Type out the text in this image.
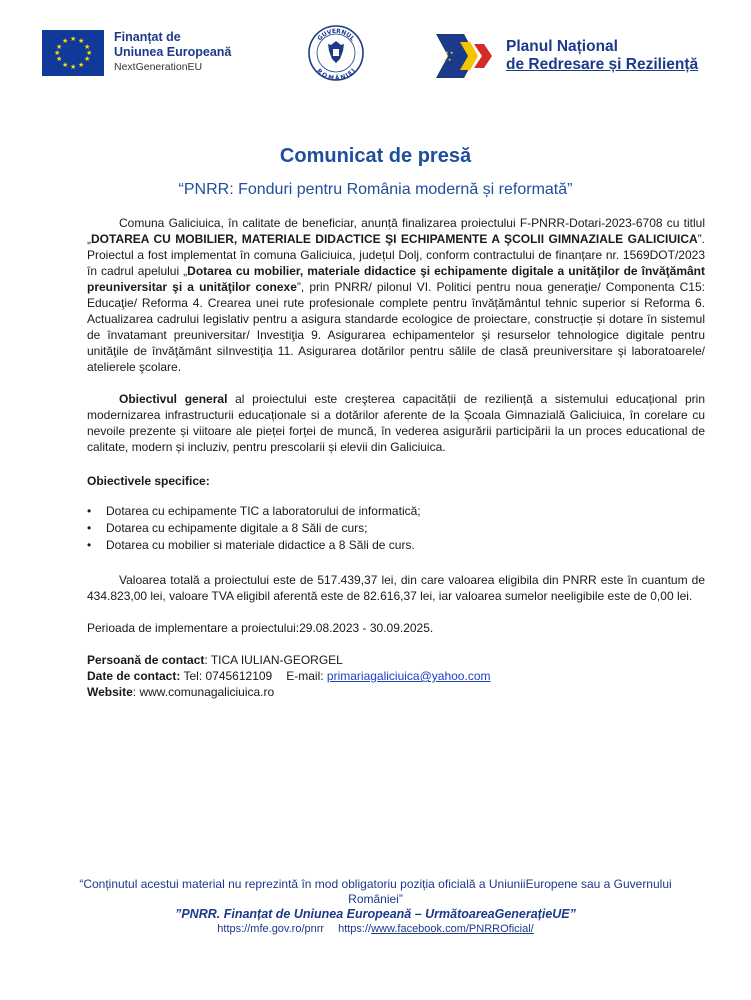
★ ★
★
★
★
★
★
★
★
★
★
★	Finanțat de
Uniunea Europeană
NextGenerationEU
GUVERNUL
ROMÂNIEI
★ ★
★ ★
Planul Național
de Redresare și Reziliență
Comunicat de presă
“PNRR: Fonduri pentru România modernă și reformată”

Comuna Galiciuica, în calitate de beneficiar, anunță finalizarea proiectului F-PNRR-Dotari-2023-6708 cu titlul „DOTAREA CU MOBILIER, MATERIALE DIDACTICE ŞI ECHIPAMENTE A ŞCOLII GIMNAZIALE GALICIUICA”. Proiectul a fost implementat în comuna Galiciuica, județul Dolj, conform contractului de finanțare nr. 1569DOT/2023 în cadrul apelului „Dotarea cu mobilier, materiale didactice şi echipamente digitale a unităţilor de învăţământ preuniversitar şi a unităţilor conexe”, prin PNRR/ pilonul VI. Politici pentru noua generaţie/ Componenta C15: Educaţie/ Reforma 4. Crearea unei rute profesionale complete pentru învățământul tehnic superior si Reforma 6. Actualizarea cadrului legislativ pentru a asigura standarde ecologice de proiectare, construcție și dotare în sistemul de învatamant preuniversitar/ Investiţia 9. Asigurarea echipamentelor şi resurselor tehnologice digitale pentru unităţile de învăţământ siInvestiţia 11. Asigurarea dotărilor pentru sălile de clasă preuniversitare şi laboratoarele/ atelierele şcolare.

Obiectivul general al proiectului este creşterea capacității de reziliență a sistemului educațional prin modernizarea infrastructurii educaționale si a dotărilor aferente de la Școala Gimnazială Galiciuica, în corelare cu nevoile prezente și viitoare ale pieței forței de muncă, în vederea asigurării participării la un proces educational de calitate, modern și incluziv, pentru prescolarii și elevii din Galiciuica.

Obiectivele specifice:

• Dotarea cu echipamente TIC a laboratorului de informatică;
• Dotarea cu echipamente digitale a 8 Săli de curs;
• Dotarea cu mobilier si materiale didactice a 8 Săli de curs.

Valoarea totală a proiectului este de 517.439,37 lei, din care valoarea eligibila din PNRR este în cuantum de 434.823,00 lei, valoare TVA eligibil aferentă este de 82.616,37 lei, iar valoarea sumelor neeligibile este de 0,00 lei.

Perioada de implementare a proiectului:29.08.2023 - 30.09.2025.

Persoană de contact: TICA IULIAN-GEORGEL

Date de contact: Tel: 0745612109 E-mail: primariagaliciuica@yahoo.com

Website: www.comunagaliciuica.ro

“Conținutul acestui material nu reprezintă în mod obligatoriu poziția oficială a UniuniiEuropene sau a Guvernului României”
”PNRR. Finanțat de Uniunea Europeană – UrmătoareaGenerațieUE”
https://mfe.gov.ro/pnrr https://www.facebook.com/PNRROficial/
